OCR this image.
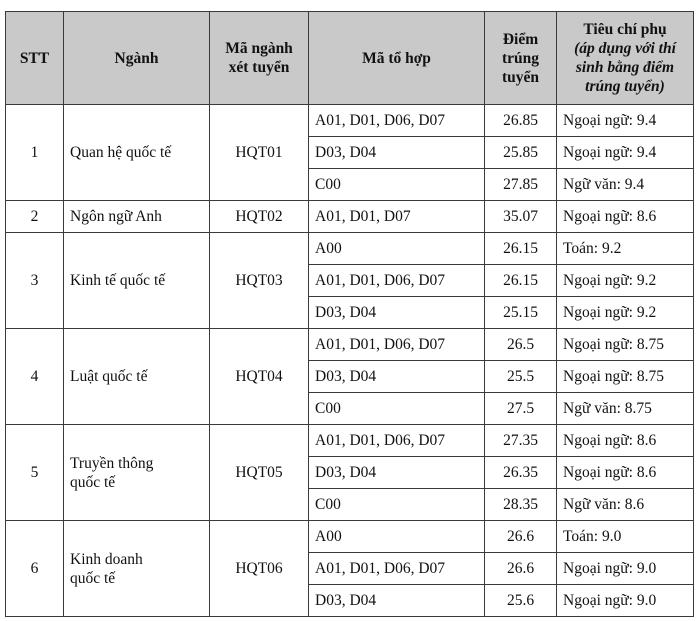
STT	Ngành	Mã ngành xét tuyển	Mã tổ hợp	Điểm trúng tuyển	Tiêu chí phụ
(áp dụng với thí sinh bằng điểm trúng tuyển)

1	Quan hệ quốc tế	HQT01	A01, D01, D06, D07	26.85	Ngoại ngữ: 9.4
			D03, D04	25.85	Ngoại ngữ: 9.4
			C00	27.85	Ngữ văn: 9.4
2	Ngôn ngữ Anh	HQT02	A01, D01, D07	35.07	Ngoại ngữ: 8.6
3	Kinh tế quốc tế	HQT03	A00	26.15	Toán: 9.2
			A01, D01, D06, D07	26.15	Ngoại ngữ: 9.2
			D03, D04	25.15	Ngoại ngữ: 9.2
4	Luật quốc tế	HQT04	A01, D01, D06, D07	26.5	Ngoại ngữ: 8.75
			D03, D04	25.5	Ngoại ngữ: 8.75
			C00	27.5	Ngữ văn: 8.75
5	Truyền thông
quốc tế	HQT05	A01, D01, D06, D07	27.35	Ngoại ngữ: 8.6
			D03, D04	26.35	Ngoại ngữ: 8.6
			C00	28.35	Ngữ văn: 8.6
6	Kinh doanh
quốc tế	HQT06	A00	26.6	Toán: 9.0
			A01, D01, D06, D07	26.6	Ngoại ngữ: 9.0
			D03, D04	25.6	Ngoại ngữ: 9.0
